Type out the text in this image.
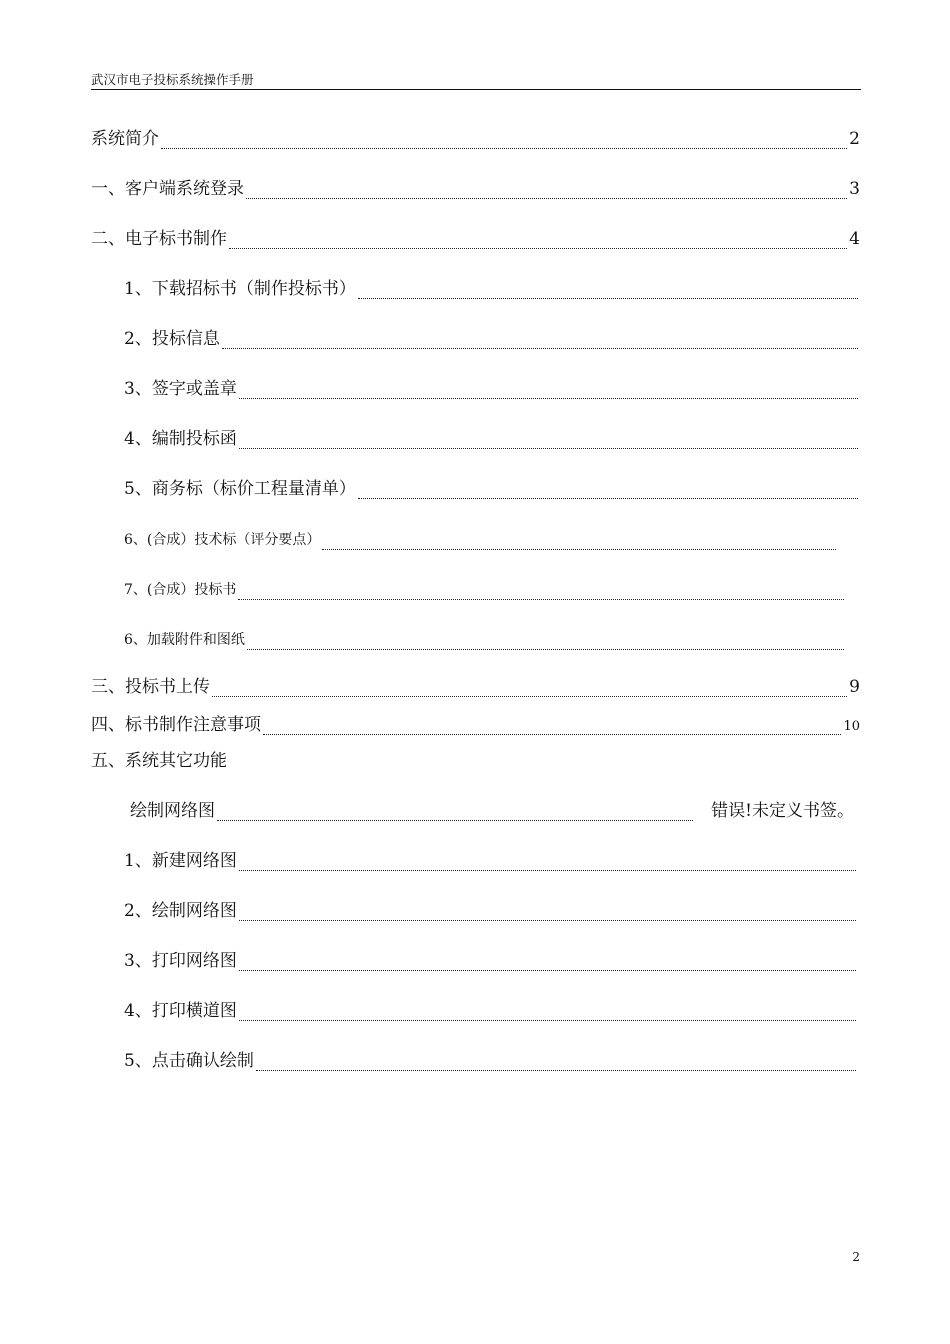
武汉市电子投标系统操作手册
系统简介	2
一、客户端系统登录	3
二、电子标书制作	4
1、下载招标书（制作投标书）
2、投标信息
3、签字或盖章
4、编制投标函
5、商务标（标价工程量清单）
6、(合成）技术标（评分要点）
7、(合成）投标书
6、加载附件和图纸
三、投标书上传	9
四、标书制作注意事项	10
五、系统其它功能
绘制网络图	错误!未定义书签。
1、新建网络图
2、绘制网络图
3、打印网络图
4、打印横道图
5、点击确认绘制
2
